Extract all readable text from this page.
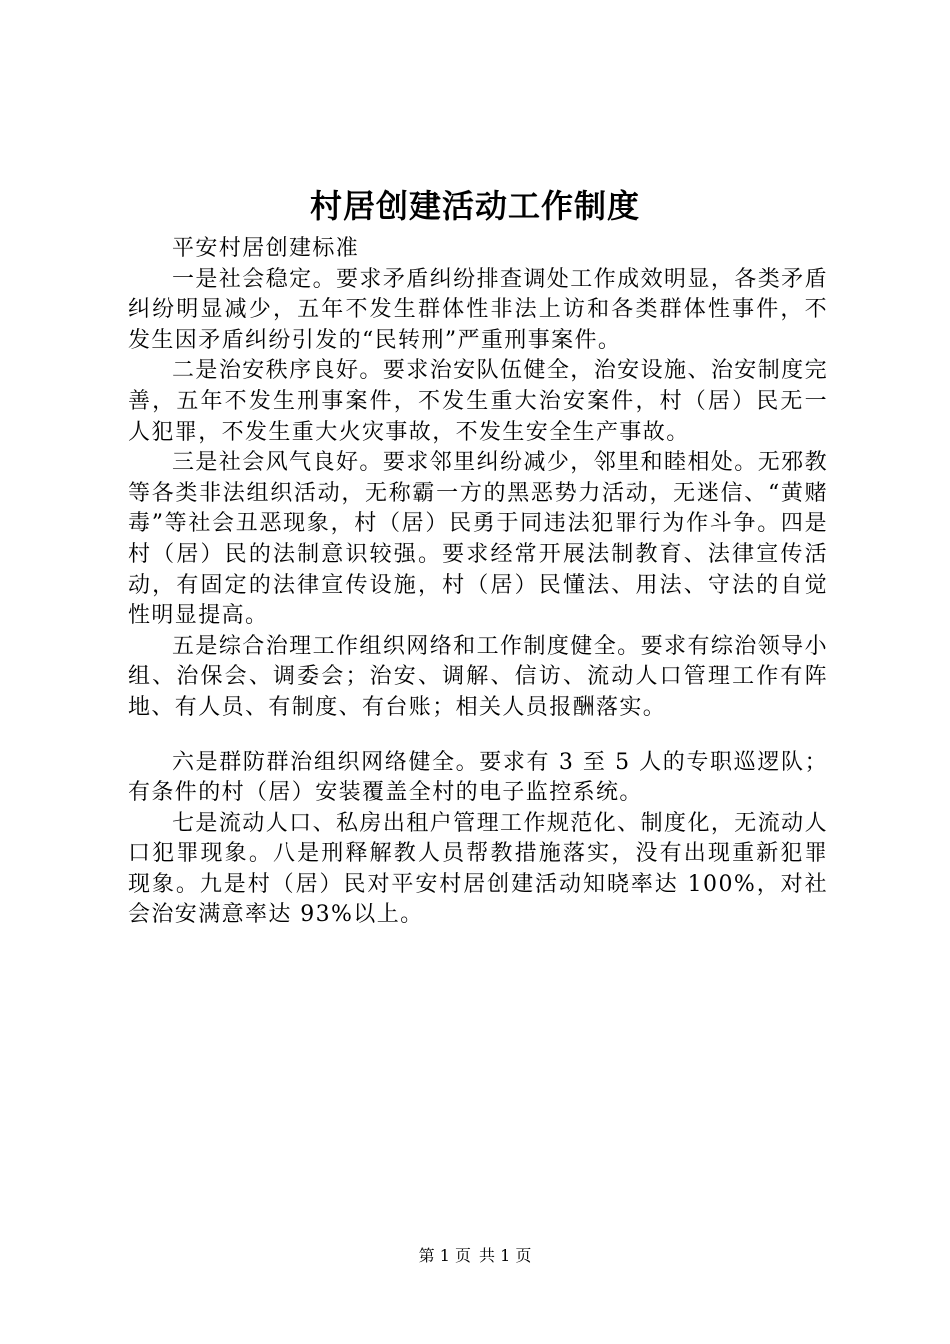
村居创建活动工作制度

平安村居创建标准

一是社会稳定。要求矛盾纠纷排查调处工作成效明显，各类矛盾纠纷明显减少，五年不发生群体性非法上访和各类群体性事件，不发生因矛盾纠纷引发的“民转刑”严重刑事案件。

二是治安秩序良好。要求治安队伍健全，治安设施、治安制度完善，五年不发生刑事案件，不发生重大治安案件，村（居）民无一人犯罪，不发生重大火灾事故，不发生安全生产事故。

三是社会风气良好。要求邻里纠纷减少，邻里和睦相处。无邪教等各类非法组织活动，无称霸一方的黑恶势力活动，无迷信、“黄赌毒”等社会丑恶现象，村（居）民勇于同违法犯罪行为作斗争。四是村（居）民的法制意识较强。要求经常开展法制教育、法律宣传活动，有固定的法律宣传设施，村（居）民懂法、用法、守法的自觉性明显提高。

五是综合治理工作组织网络和工作制度健全。要求有综治领导小组、治保会、调委会；治安、调解、信访、流动人口管理工作有阵地、有人员、有制度、有台账；相关人员报酬落实。

六是群防群治组织网络健全。要求有 3 至 5 人的专职巡逻队；有条件的村（居）安装覆盖全村的电子监控系统。

七是流动人口、私房出租户管理工作规范化、制度化，无流动人口犯罪现象。八是刑释解教人员帮教措施落实，没有出现重新犯罪现象。九是村（居）民对平安村居创建活动知晓率达 100%，对社会治安满意率达 93%以上。

第 1 页 共 1 页
